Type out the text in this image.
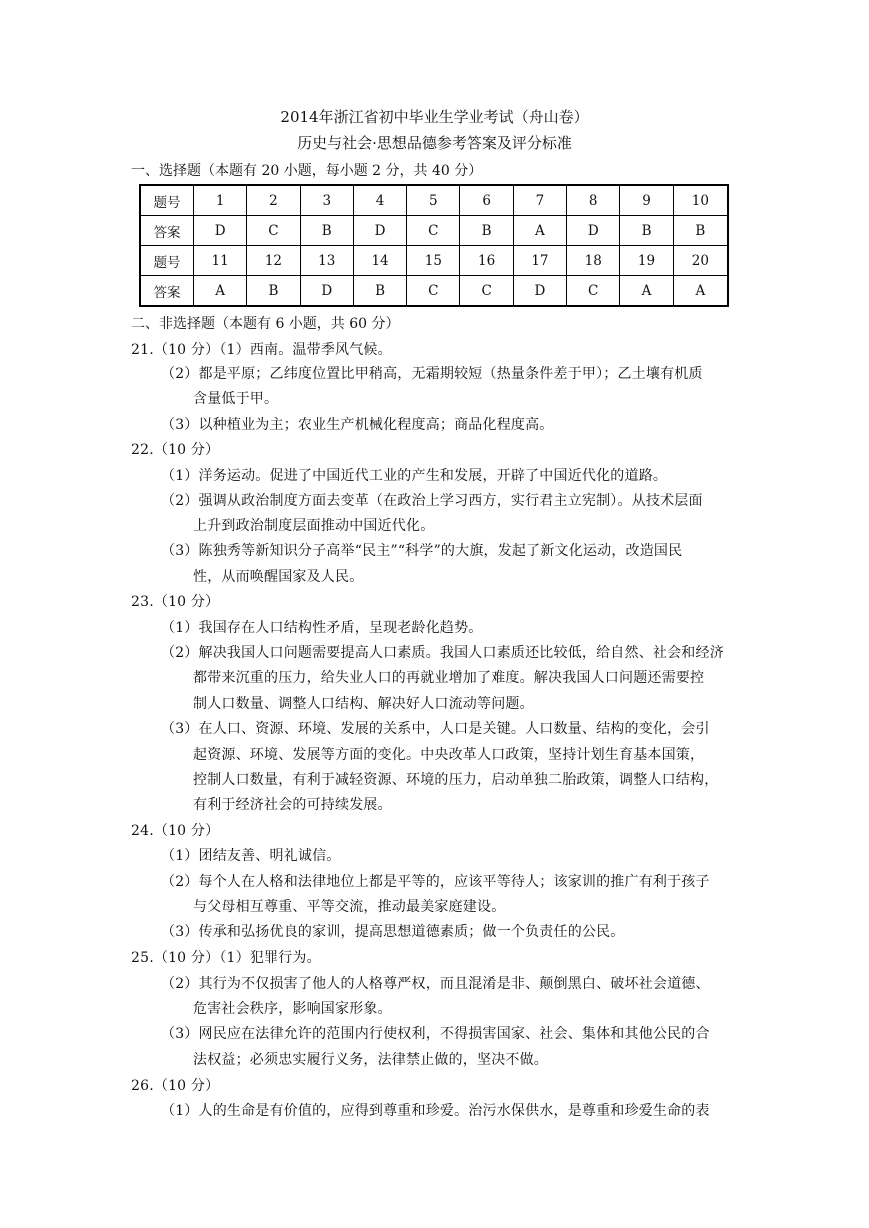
2014年浙江省初中毕业生学业考试（舟山卷）
历史与社会·思想品德参考答案及评分标准
一、选择题（本题有 20 小题，每小题 2 分，共 40 分）
题号	1	2	3	4	5	6	7	8	9	10
答案	D	C	B	D	C	B	A	D	B	B
题号	11	12	13	14	15	16	17	18	19	20
答案	A	B	D	B	C	C	D	C	A	A
二、非选择题（本题有 6 小题，共 60 分）
21.（10 分）（1）西南。温带季风气候。
（2）都是平原；乙纬度位置比甲稍高，无霜期较短（热量条件差于甲）；乙土壤有机质
含量低于甲。
（3）以种植业为主；农业生产机械化程度高；商品化程度高。
22.（10 分）
（1）洋务运动。促进了中国近代工业的产生和发展，开辟了中国近代化的道路。
（2）强调从政治制度方面去变革（在政治上学习西方，实行君主立宪制）。从技术层面
上升到政治制度层面推动中国近代化。
（3）陈独秀等新知识分子高举“民主”“科学”的大旗，发起了新文化运动，改造国民
性，从而唤醒国家及人民。
23.（10 分）
（1）我国存在人口结构性矛盾，呈现老龄化趋势。
（2）解决我国人口问题需要提高人口素质。我国人口素质还比较低，给自然、社会和经济
都带来沉重的压力，给失业人口的再就业增加了难度。解决我国人口问题还需要控
制人口数量、调整人口结构、解决好人口流动等问题。
（3）在人口、资源、环境、发展的关系中，人口是关键。人口数量、结构的变化，会引
起资源、环境、发展等方面的变化。中央改革人口政策，坚持计划生育基本国策，
控制人口数量，有利于减轻资源、环境的压力，启动单独二胎政策，调整人口结构，
有利于经济社会的可持续发展。
24.（10 分）
（1）团结友善、明礼诚信。
（2）每个人在人格和法律地位上都是平等的，应该平等待人；该家训的推广有利于孩子
与父母相互尊重、平等交流，推动最美家庭建设。
（3）传承和弘扬优良的家训，提高思想道德素质；做一个负责任的公民。
25.（10 分）（1）犯罪行为。
（2）其行为不仅损害了他人的人格尊严权，而且混淆是非、颠倒黑白、破坏社会道德、
危害社会秩序，影响国家形象。
（3）网民应在法律允许的范围内行使权利，不得损害国家、社会、集体和其他公民的合
法权益；必须忠实履行义务，法律禁止做的，坚决不做。
26.（10 分）
（1）人的生命是有价值的，应得到尊重和珍爱。治污水保供水，是尊重和珍爱生命的表
